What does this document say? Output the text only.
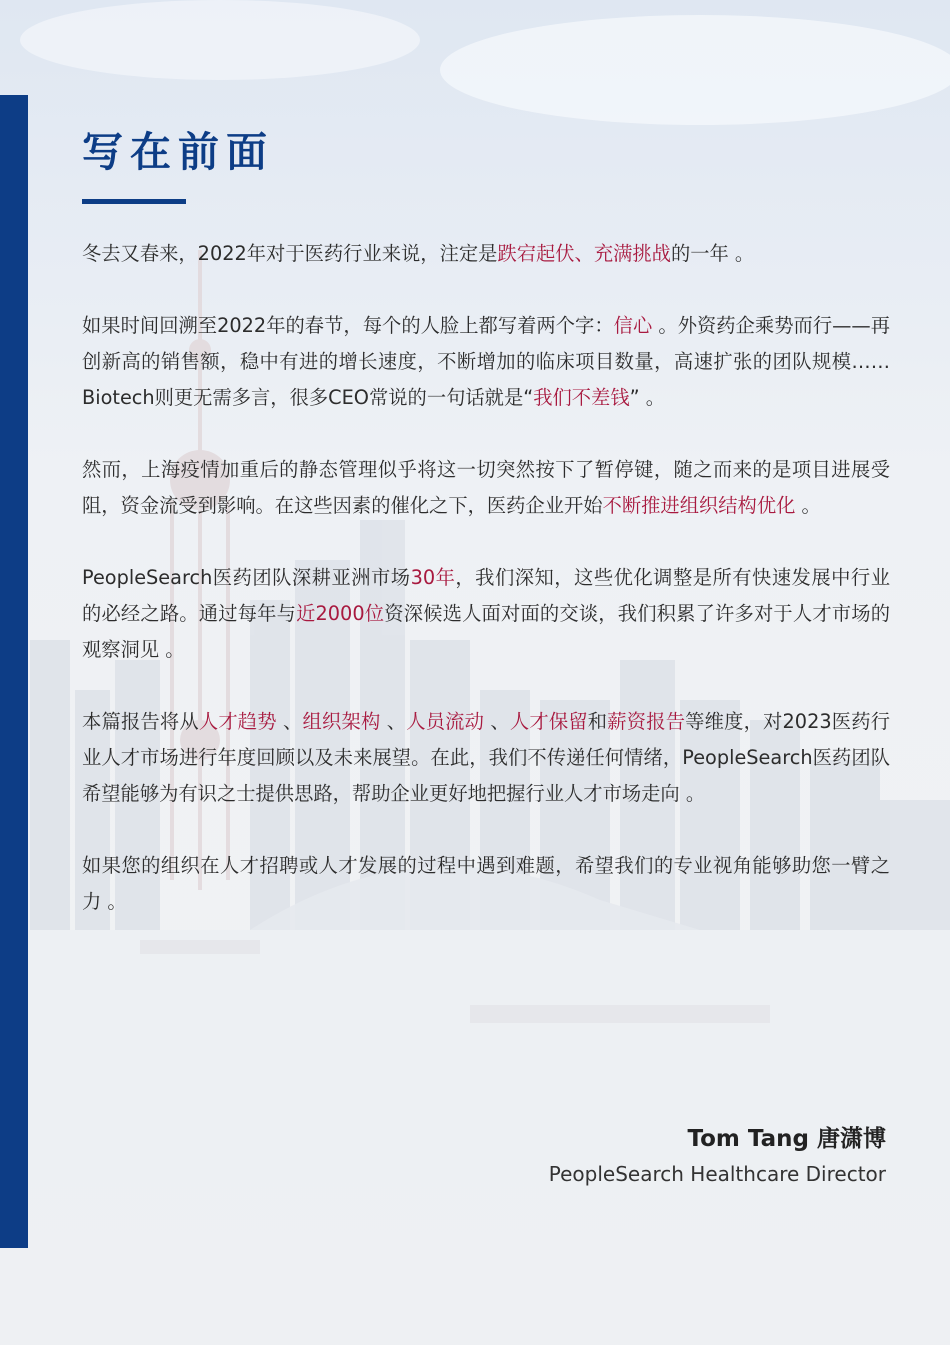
写在前面

冬去又春来，2022年对于医药行业来说，注定是跌宕起伏、充满挑战的一年 。

如果时间回溯至2022年的春节，每个的人脸上都写着两个字：信心 。外资药企乘势而行——再创新高的销售额，稳中有进的增长速度，不断增加的临床项目数量，高速扩张的团队规模…… Biotech则更无需多言，很多CEO常说的一句话就是“我们不差钱” 。

然而，上海疫情加重后的静态管理似乎将这一切突然按下了暂停键，随之而来的是项目进展受阻，资金流受到影响。在这些因素的催化之下，医药企业开始不断推进组织结构优化 。

PeopleSearch医药团队深耕亚洲市场30年，我们深知，这些优化调整是所有快速发展中行业的必经之路。通过每年与近2000位资深候选人面对面的交谈，我们积累了许多对于人才市场的观察洞见 。

本篇报告将从人才趋势 、组织架构 、人员流动 、人才保留和薪资报告等维度，对2023医药行业人才市场进行年度回顾以及未来展望。在此，我们不传递任何情绪，PeopleSearch医药团队希望能够为有识之士提供思路，帮助企业更好地把握行业人才市场走向 。

如果您的组织在人才招聘或人才发展的过程中遇到难题，希望我们的专业视角能够助您一臂之力 。

Tom Tang 唐潇博

PeopleSearch Healthcare Director
